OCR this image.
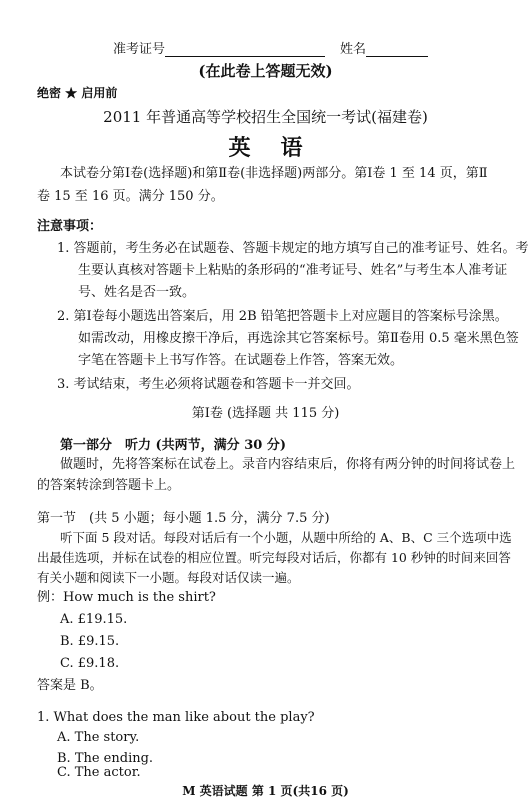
准考证号	姓名
(在此卷上答题无效)
绝密 ★ 启用前
2011 年普通高等学校招生全国统一考试(福建卷)
英语
本试卷分第Ⅰ卷(选择题)和第Ⅱ卷(非选择题)两部分。第Ⅰ卷 1 至 14 页，第Ⅱ
卷 15 至 16 页。满分 150 分。
注意事项：
1. 答题前，考生务必在试题卷、答题卡规定的地方填写自己的准考证号、姓名。考
生要认真核对答题卡上粘贴的条形码的“准考证号、姓名”与考生本人准考证
号、姓名是否一致。
2. 第Ⅰ卷每小题选出答案后，用 2B 铅笔把答题卡上对应题目的答案标号涂黑。
如需改动，用橡皮擦干净后，再选涂其它答案标号。第Ⅱ卷用 0.5 毫米黑色签
字笔在答题卡上书写作答。在试题卷上作答，答案无效。
3. 考试结束，考生必须将试题卷和答题卡一并交回。
第Ⅰ卷 (选择题 共 115 分)
第一部分　听力 (共两节，满分 30 分)
做题时，先将答案标在试卷上。录音内容结束后，你将有两分钟的时间将试卷上
的答案转涂到答题卡上。
第一节　(共 5 小题；每小题 1.5 分，满分 7.5 分)
听下面 5 段对话。每段对话后有一个小题，从题中所给的 A、B、C 三个选项中选
出最佳选项，并标在试卷的相应位置。听完每段对话后，你都有 10 秒钟的时间来回答
有关小题和阅读下一小题。每段对话仅读一遍。
例：How much is the shirt?
A. £19.15.
B. £9.15.
C. £9.18.
答案是 B。
1. What does the man like about the play?
A. The story.
B. The ending.
C. The actor.
M 英语试题 第 1 页(共16 页)
